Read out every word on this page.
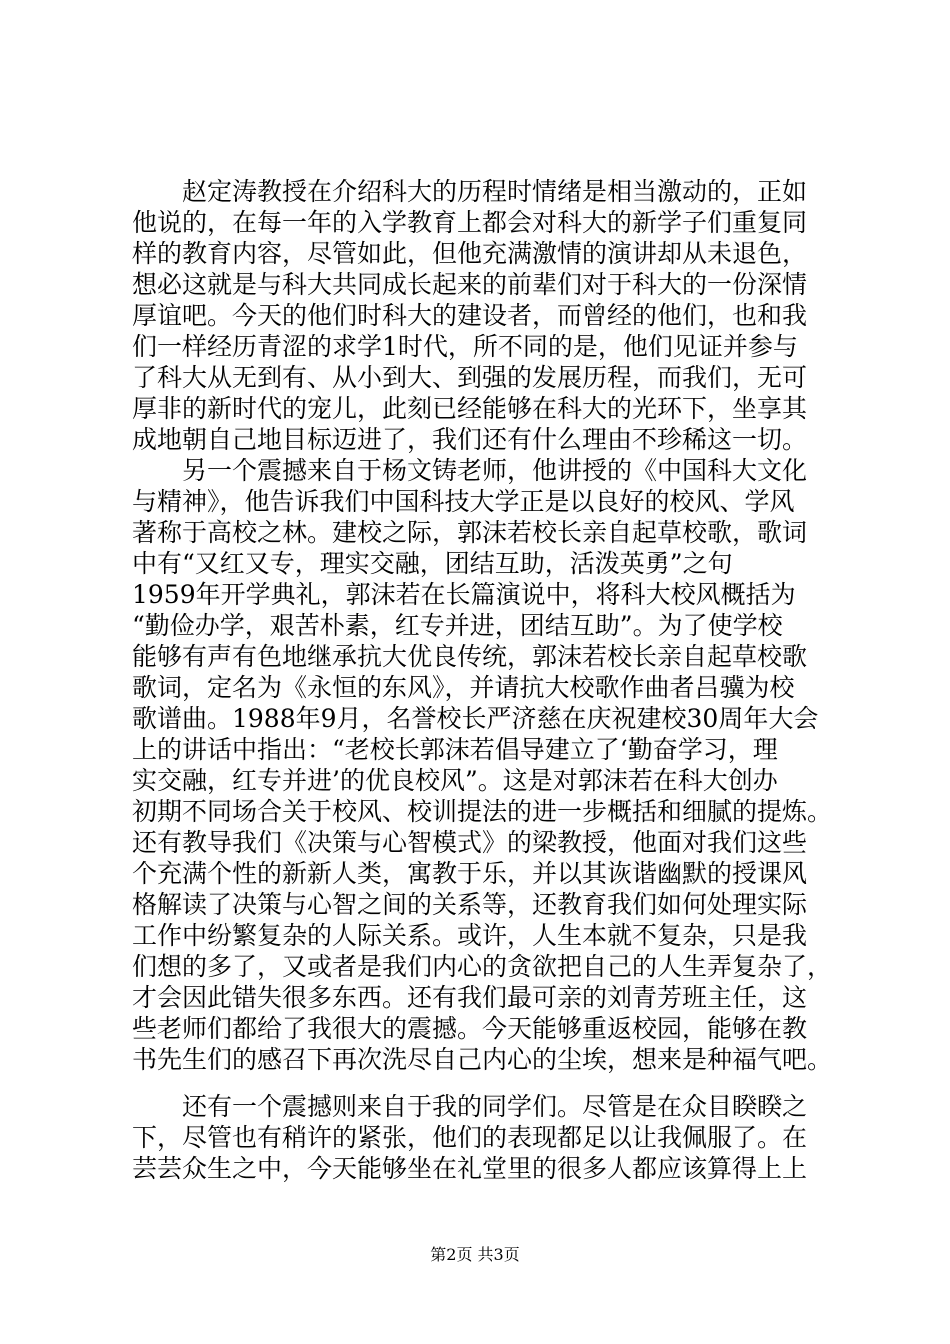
　　赵定涛教授在介绍科大的历程时情绪是相当激动的，正如
他说的，在每一年的入学教育上都会对科大的新学子们重复同
样的教育内容，尽管如此，但他充满激情的演讲却从未退色，
想必这就是与科大共同成长起来的前辈们对于科大的一份深情
厚谊吧。今天的他们时科大的建设者，而曾经的他们，也和我
们一样经历青涩的求学1时代，所不同的是，他们见证并参与
了科大从无到有、从小到大、到强的发展历程，而我们，无可
厚非的新时代的宠儿，此刻已经能够在科大的光环下，坐享其
成地朝自己地目标迈进了，我们还有什么理由不珍稀这一切。
　　另一个震撼来自于杨文铸老师，他讲授的《中国科大文化
与精神》，他告诉我们中国科技大学正是以良好的校风、学风
著称于高校之林。建校之际，郭沫若校长亲自起草校歌，歌词
中有“又红又专，理实交融，团结互助，活泼英勇”之句
1959年开学典礼，郭沫若在长篇演说中，将科大校风概括为
“勤俭办学，艰苦朴素，红专并进，团结互助”。为了使学校
能够有声有色地继承抗大优良传统，郭沫若校长亲自起草校歌
歌词，定名为《永恒的东风》，并请抗大校歌作曲者吕骥为校
歌谱曲。1988年9月，名誉校长严济慈在庆祝建校30周年大会
上的讲话中指出：“老校长郭沫若倡导建立了‘勤奋学习，理
实交融，红专并进’的优良校风”。这是对郭沫若在科大创办
初期不同场合关于校风、校训提法的进一步概括和细腻的提炼。
还有教导我们《决策与心智模式》的梁教授，他面对我们这些
个充满个性的新新人类，寓教于乐，并以其诙谐幽默的授课风
格解读了决策与心智之间的关系等，还教育我们如何处理实际
工作中纷繁复杂的人际关系。或许，人生本就不复杂，只是我
们想的多了，又或者是我们内心的贪欲把自己的人生弄复杂了，
才会因此错失很多东西。还有我们最可亲的刘青芳班主任，这
些老师们都给了我很大的震撼。今天能够重返校园，能够在教
书先生们的感召下再次洗尽自己内心的尘埃，想来是种福气吧。
　　还有一个震撼则来自于我的同学们。尽管是在众目睽睽之
下，尽管也有稍许的紧张，他们的表现都足以让我佩服了。在
芸芸众生之中，今天能够坐在礼堂里的很多人都应该算得上上
第2页 共3页
